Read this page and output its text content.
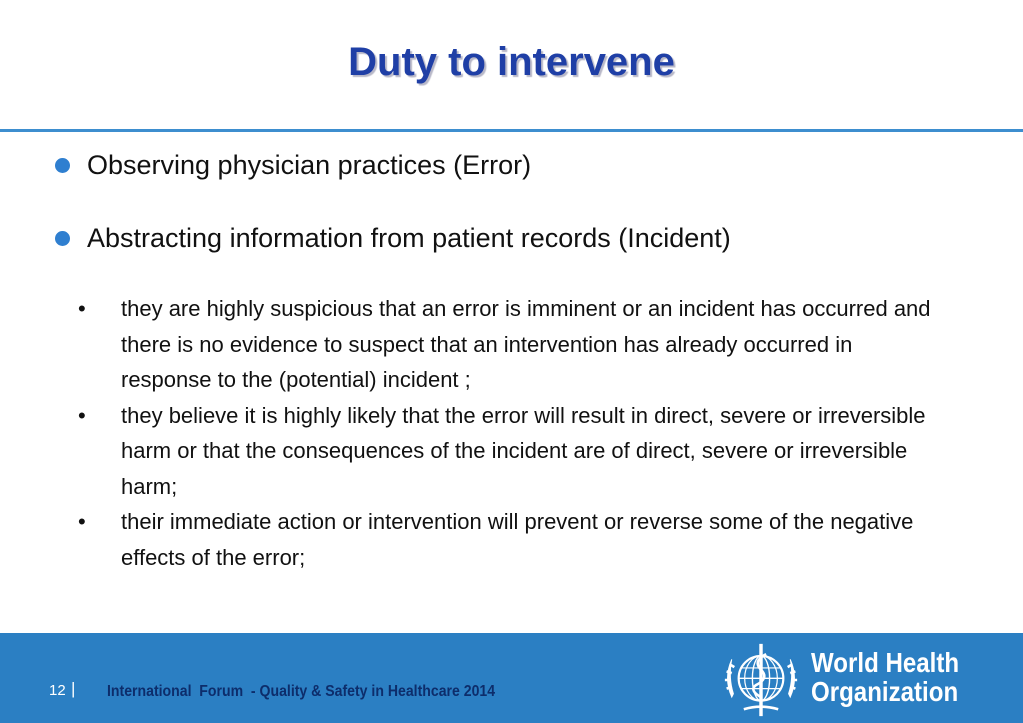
Duty to intervene
Observing physician practices (Error)
Abstracting information from patient records (Incident)
• they are highly suspicious that an error is imminent or an incident has occurred and there is no evidence to suspect that an intervention has already occurred in response to the (potential) incident ;
• they believe it is highly likely that the error will result in direct, severe or irreversible harm or that the consequences of the incident are of direct, severe or irreversible harm;
• their immediate action or intervention will prevent or reverse some of the negative effects of the error;
12 | International  Forum  - Quality & Safety in Healthcare 2014
World Health
Organization
